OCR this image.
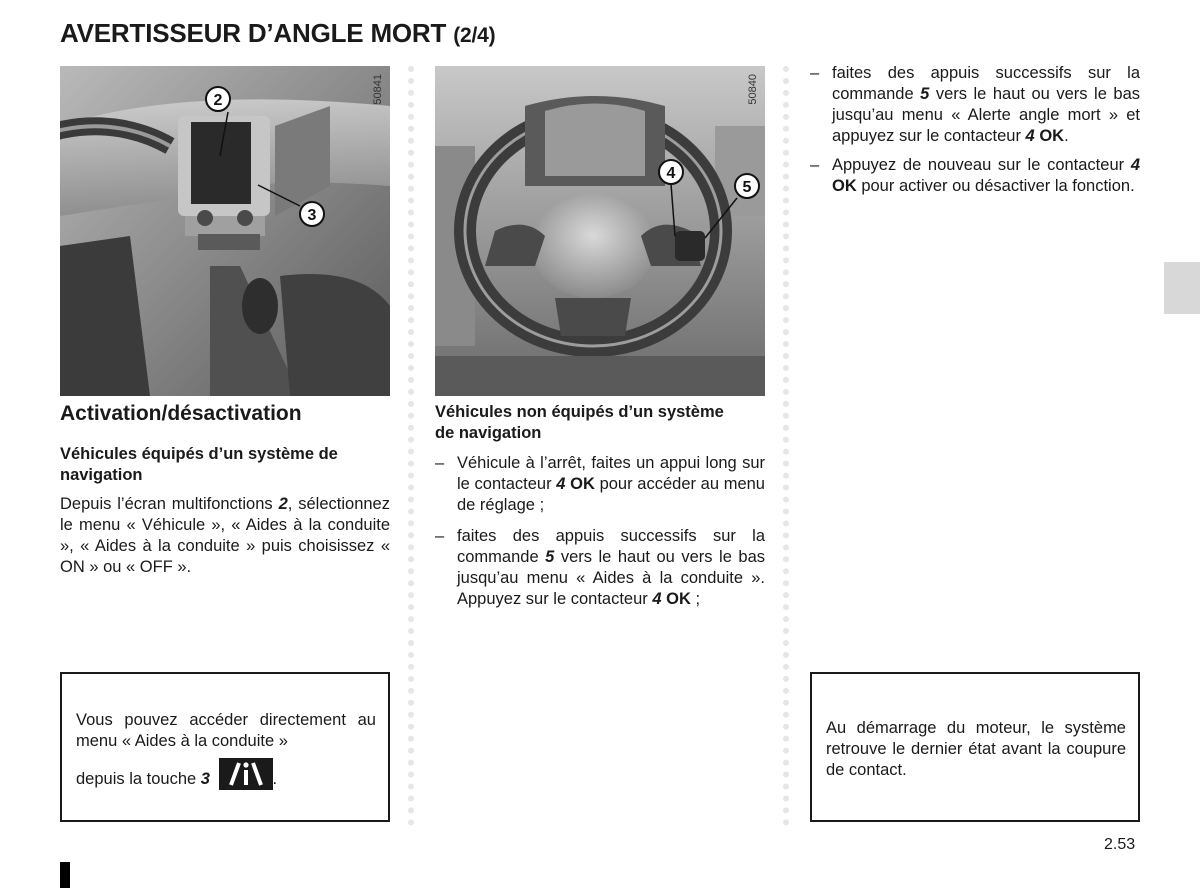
AVERTISSEUR D’ANGLE MORT (2/4)
50841
2
3
50840
4
5
Activation/désactivation
Véhicules équipés d’un système de navigation
Depuis l’écran multifonctions 2, sélectionnez le menu « Véhicule », « Aides à la conduite », « Aides à la conduite » puis choisissez « ON » ou « OFF ».
Vous pouvez accéder directement au menu « Aides à la conduite »

depuis la touche 3	.
Véhicules non équipés d’un système de navigation
– Véhicule à l’arrêt, faites un appui long sur le contacteur 4 OK pour accéder au menu de réglage ;
– faites des appuis successifs sur la commande 5 vers le haut ou vers le bas jusqu’au menu « Aides à la conduite ». Appuyez sur le contacteur 4 OK ;
– faites des appuis successifs sur la commande 5 vers le haut ou vers le bas jusqu’au menu « Alerte angle mort » et appuyez sur le contacteur 4 OK.
– Appuyez de nouveau sur le contacteur 4 OK pour activer ou désactiver la fonction.
Au démarrage du moteur, le système retrouve le dernier état avant la coupure de contact.
2.53
